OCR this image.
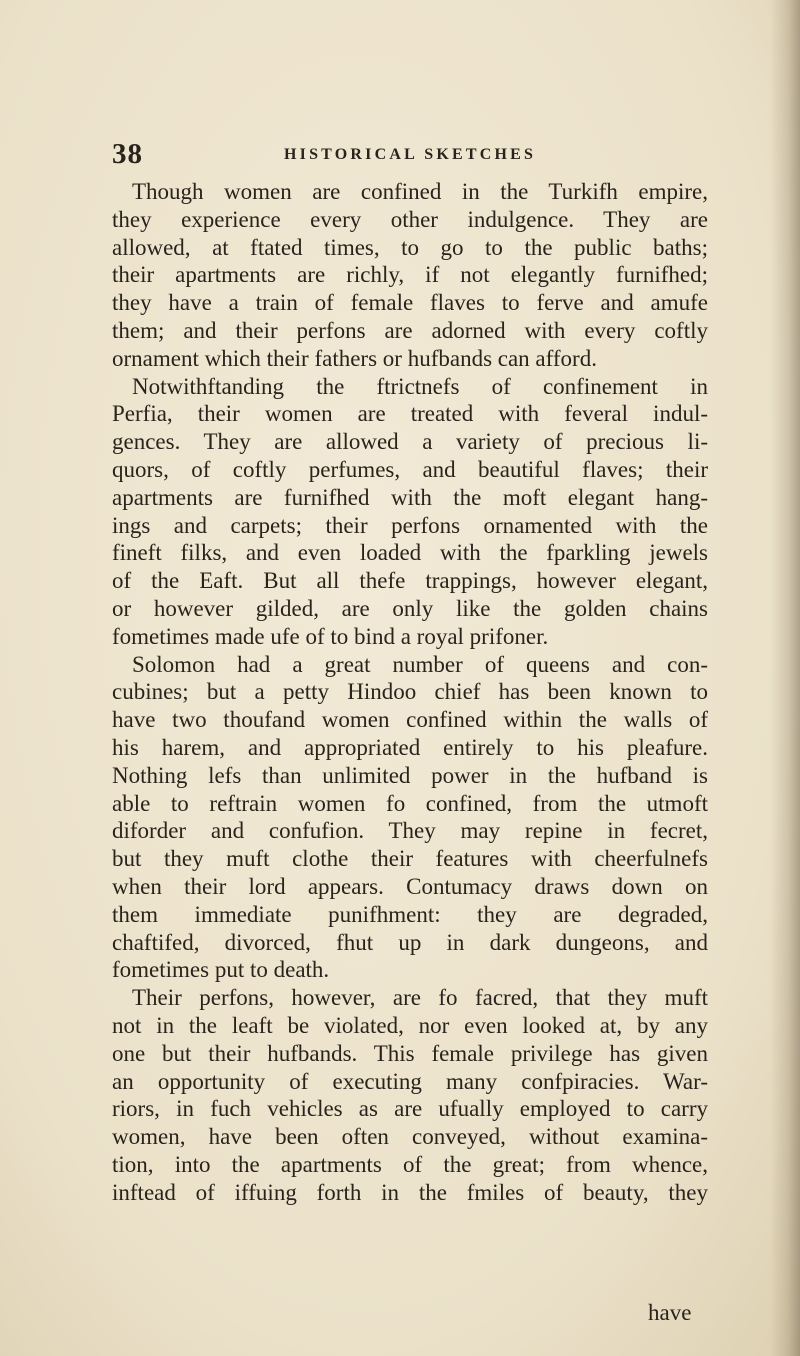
38	HISTORICAL SKETCHES

Though women are confined in the Turkifh empire,

they experience every other indulgence. They are

allowed, at ftated times, to go to the public baths;

their apartments are richly, if not elegantly furnifhed;

they have a train of female flaves to ferve and amufe

them; and their perfons are adorned with every coftly

ornament which their fathers or hufbands can afford.

Notwithftanding the ftrictnefs of confinement in

Perfia, their women are treated with feveral indul-

gences. They are allowed a variety of precious li-

quors, of coftly perfumes, and beautiful flaves; their

apartments are furnifhed with the moft elegant hang-

ings and carpets; their perfons ornamented with the

fineft filks, and even loaded with the fparkling jewels

of the Eaft. But all thefe trappings, however elegant,

or however gilded, are only like the golden chains

fometimes made ufe of to bind a royal prifoner.

Solomon had a great number of queens and con-

cubines; but a petty Hindoo chief has been known to

have two thoufand women confined within the walls of

his harem, and appropriated entirely to his pleafure.

Nothing lefs than unlimited power in the hufband is

able to reftrain women fo confined, from the utmoft

diforder and confufion. They may repine in fecret,

but they muft clothe their features with cheerfulnefs

when their lord appears. Contumacy draws down on

them immediate punifhment: they are degraded,

chaftifed, divorced, fhut up in dark dungeons, and

fometimes put to death.

Their perfons, however, are fo facred, that they muft

not in the leaft be violated, nor even looked at, by any

one but their hufbands. This female privilege has given

an opportunity of executing many confpiracies. War-

riors, in fuch vehicles as are ufually employed to carry

women, have been often conveyed, without examina-

tion, into the apartments of the great; from whence,

inftead of iffuing forth in the fmiles of beauty, they

have
